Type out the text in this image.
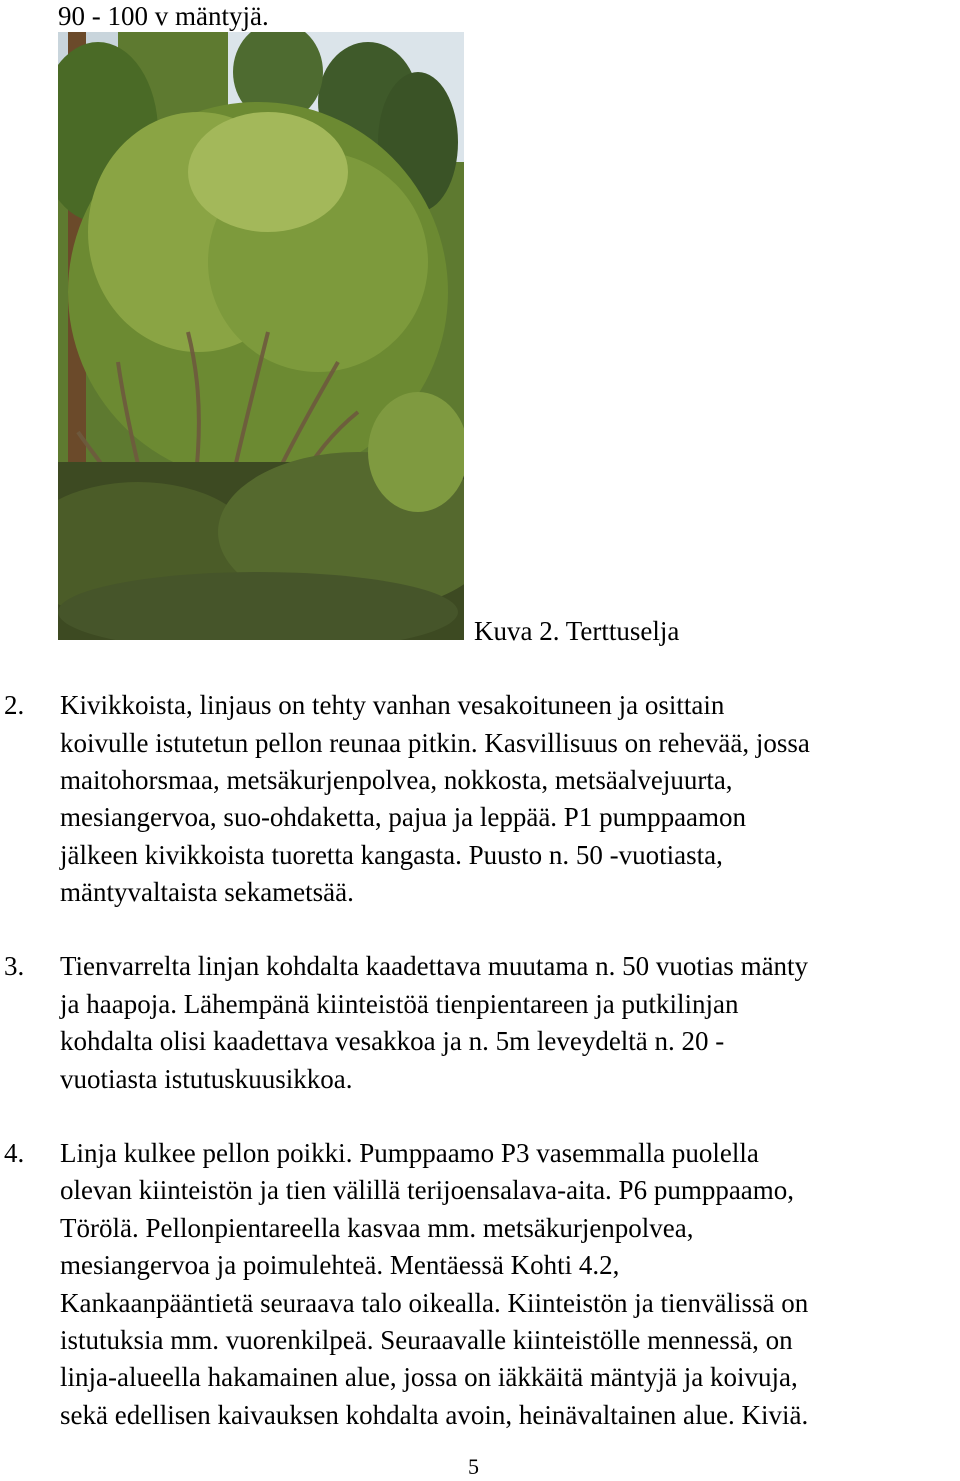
90 - 100 v mäntyjä.
Kuva 2. Terttuselja
2. Kivikkoista, linjaus on tehty vanhan vesakoituneen ja osittain
koivulle istutetun pellon reunaa pitkin. Kasvillisuus on rehevää, jossa
maitohorsmaa, metsäkurjenpolvea, nokkosta, metsäalvejuurta,
mesiangervoa, suo-ohdaketta, pajua ja leppää. P1 pumppaamon
jälkeen kivikkoista tuoretta kangasta. Puusto n. 50 -vuotiasta,
mäntyvaltaista sekametsää.
3. Tienvarrelta linjan kohdalta kaadettava muutama n. 50 vuotias mänty
ja haapoja. Lähempänä kiinteistöä tienpientareen ja putkilinjan
kohdalta olisi kaadettava vesakkoa ja n. 5m leveydeltä n. 20 -
vuotiasta istutuskuusikkoa.
4. Linja kulkee pellon poikki. Pumppaamo P3 vasemmalla puolella
olevan kiinteistön ja tien välillä terijoensalava-aita. P6 pumppaamo,
Törölä. Pellonpientareella kasvaa mm. metsäkurjenpolvea,
mesiangervoa ja poimulehteä. Mentäessä Kohti 4.2,
Kankaanpääntietä seuraava talo oikealla. Kiinteistön ja tienvälissä on
istutuksia mm. vuorenkilpeä. Seuraavalle kiinteistölle mennessä, on
linja-alueella hakamainen alue, jossa on iäkkäitä mäntyjä ja koivuja,
sekä edellisen kaivauksen kohdalta avoin, heinävaltainen alue. Kiviä.
5
